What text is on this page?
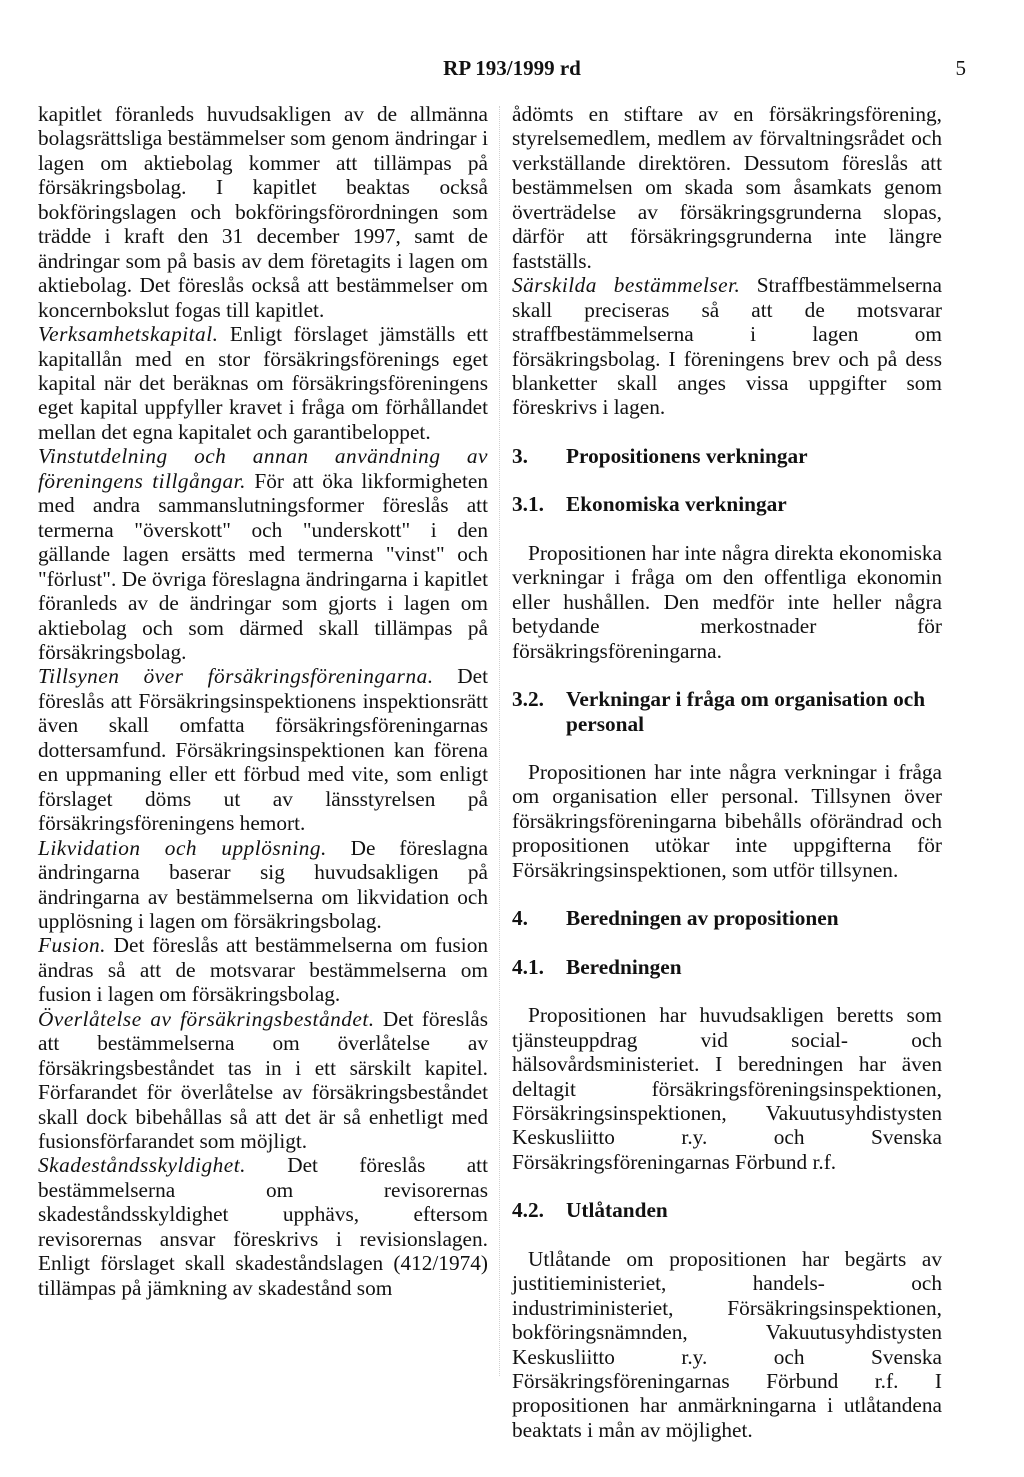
RP 193/1999 rd	5

kapitlet föranleds huvudsakligen av de allmänna bolagsrättsliga bestämmelser som genom ändringar i lagen om aktiebolag kommer att tillämpas på försäkringsbolag. I kapitlet beaktas också bokföringslagen och bokföringsförordningen som trädde i kraft den 31 december 1997, samt de ändringar som på basis av dem företagits i lagen om aktiebolag. Det föreslås också att bestämmelser om koncernbokslut fogas till kapitlet.

Verksamhetskapital. Enligt förslaget jämställs ett kapitallån med en stor försäkringsförenings eget kapital när det beräknas om försäkringsföreningens eget kapital uppfyller kravet i fråga om förhållandet mellan det egna kapitalet och garantibeloppet.

Vinstutdelning och annan användning av föreningens tillgångar. För att öka likformigheten med andra sammanslutningsformer föreslås att termerna "överskott" och "underskott" i den gällande lagen ersätts med termerna "vinst" och "förlust". De övriga föreslagna ändringarna i kapitlet föranleds av de ändringar som gjorts i lagen om aktiebolag och som därmed skall tillämpas på försäkringsbolag.

Tillsynen över försäkringsföreningarna. Det föreslås att Försäkringsinspektionens inspektionsrätt även skall omfatta försäkringsföreningarnas dottersamfund. Försäkringsinspektionen kan förena en uppmaning eller ett förbud med vite, som enligt förslaget döms ut av länsstyrelsen på försäkringsföreningens hemort.

Likvidation och upplösning. De föreslagna ändringarna baserar sig huvudsakligen på ändringarna av bestämmelserna om likvidation och upplösning i lagen om försäkringsbolag.

Fusion. Det föreslås att bestämmelserna om fusion ändras så att de motsvarar bestämmelserna om fusion i lagen om försäkringsbolag.

Överlåtelse av försäkringsbeståndet. Det föreslås att bestämmelserna om överlåtelse av försäkringsbeståndet tas in i ett särskilt kapitel. Förfarandet för överlåtelse av försäkringsbeståndet skall dock bibehållas så att det är så enhetligt med fusionsförfarandet som möjligt.

Skadeståndsskyldighet. Det föreslås att bestämmelserna om revisorernas skadeståndsskyldighet upphävs, eftersom revisorernas ansvar föreskrivs i revisionslagen. Enligt förslaget skall skadeståndslagen (412/1974) tillämpas på jämkning av skadestånd som

ådömts en stiftare av en försäkringsförening, styrelsemedlem, medlem av förvaltningsrådet och verkställande direktören. Dessutom föreslås att bestämmelsen om skada som åsamkats genom överträdelse av försäkringsgrunderna slopas, därför att försäkringsgrunderna inte längre fastställs.

Särskilda bestämmelser. Straffbestämmelserna skall preciseras så att de motsvarar straffbestämmelserna i lagen om försäkringsbolag. I föreningens brev och på dess blanketter skall anges vissa uppgifter som föreskrivs i lagen.

3. Propositionens verkningar
3.1. Ekonomiska verkningar

Propositionen har inte några direkta ekonomiska verkningar i fråga om den offentliga ekonomin eller hushållen. Den medför inte heller några betydande merkostnader för försäkringsföreningarna.

3.2. Verkningar i fråga om organisation och personal

Propositionen har inte några verkningar i fråga om organisation eller personal. Tillsynen över försäkringsföreningarna bibehålls oförändrad och propositionen utökar inte uppgifterna för Försäkringsinspektionen, som utför tillsynen.

4. Beredningen av propositionen
4.1. Beredningen

Propositionen har huvudsakligen beretts som tjänsteuppdrag vid social- och hälsovårdsministeriet. I beredningen har även deltagit försäkringsföreningsinspektionen, Försäkringsinspektionen, Vakuutusyhdistysten Keskusliitto r.y. och Svenska Försäkringsföreningarnas Förbund r.f.

4.2. Utlåtanden

Utlåtande om propositionen har begärts av justitieministeriet, handels- och industriministeriet, Försäkringsinspektionen, bokföringsnämnden, Vakuutusyhdistysten Keskusliitto r.y. och Svenska Försäkringsföreningarnas Förbund r.f. I propositionen har anmärkningarna i utlåtandena beaktats i mån av möjlighet.
